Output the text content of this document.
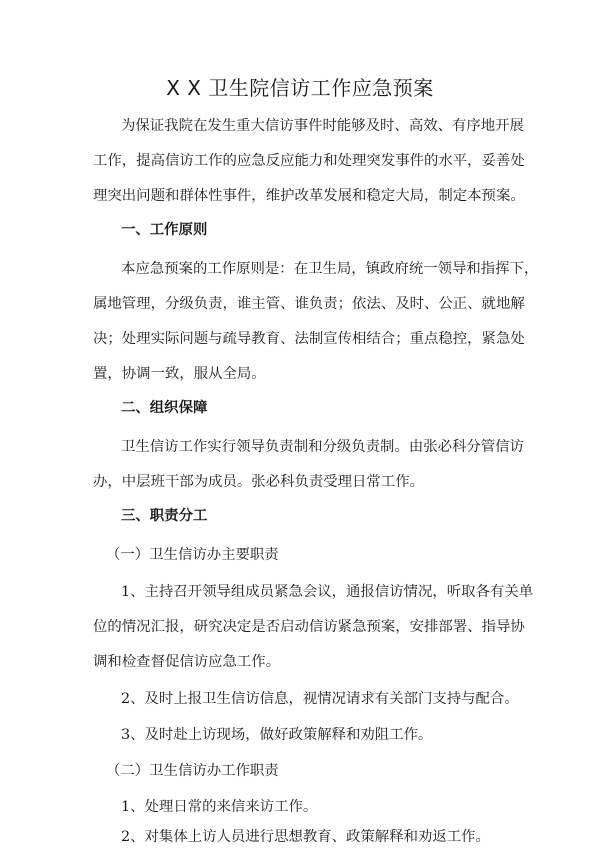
X X 卫生院信访工作应急预案

为保证我院在发生重大信访事件时能够及时、高效、有序地开展

工作，提高信访工作的应急反应能力和处理突发事件的水平，妥善处

理突出问题和群体性事件，维护改革发展和稳定大局，制定本预案。

一、工作原则

本应急预案的工作原则是：在卫生局，镇政府统一领导和指挥下，

属地管理，分级负责，谁主管、谁负责；依法、及时、公正、就地解

决；处理实际问题与疏导教育、法制宣传相结合；重点稳控，紧急处

置，协调一致，服从全局。

二、组织保障

卫生信访工作实行领导负责制和分级负责制。由张必科分管信访

办，中层班干部为成员。张必科负责受理日常工作。

三、职责分工

（一）卫生信访办主要职责

1、主持召开领导组成员紧急会议，通报信访情况，听取各有关单

位的情况汇报，研究决定是否启动信访紧急预案，安排部署、指导协

调和检查督促信访应急工作。

2、及时上报卫生信访信息，视情况请求有关部门支持与配合。

3、及时赴上访现场，做好政策解释和劝阻工作。

（二）卫生信访办工作职责

1、处理日常的来信来访工作。

2、对集体上访人员进行思想教育、政策解释和劝返工作。
